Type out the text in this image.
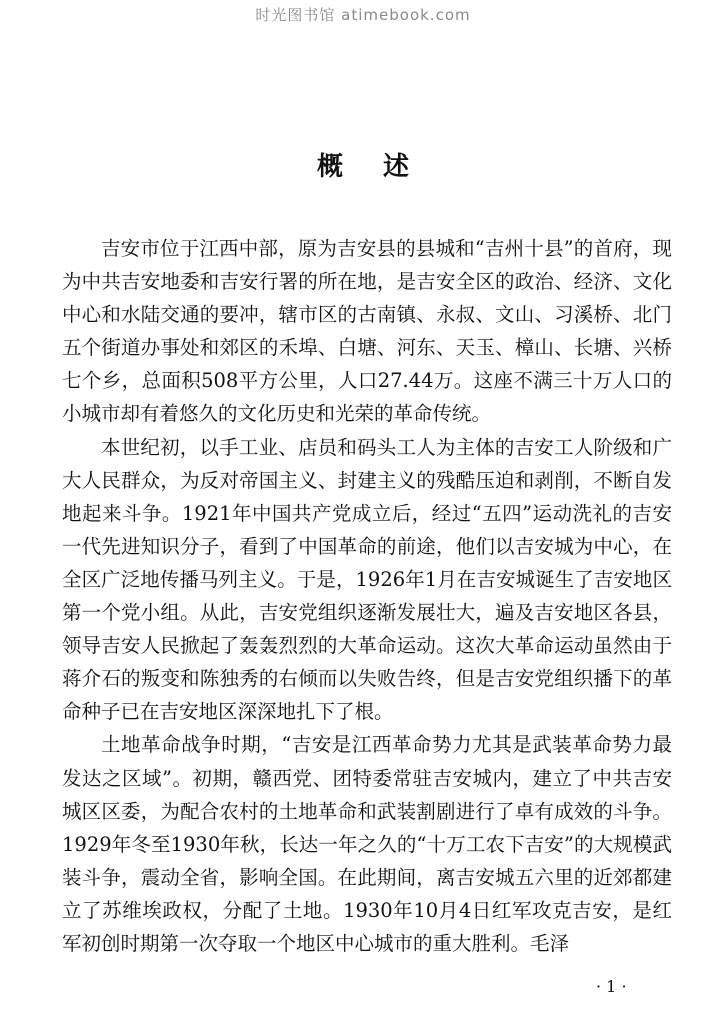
时光图书馆 atimebook.com
概述

吉安市位于江西中部，原为吉安县的县城和“吉州十县”的首府，现为中共吉安地委和吉安行署的所在地，是吉安全区的政治、经济、文化中心和水陆交通的要冲，辖市区的古南镇、永叔、文山、习溪桥、北门五个街道办事处和郊区的禾埠、白塘、河东、天玉、樟山、长塘、兴桥七个乡，总面积508平方公里，人口27.44万。这座不满三十万人口的小城市却有着悠久的文化历史和光荣的革命传统。

本世纪初，以手工业、店员和码头工人为主体的吉安工人阶级和广大人民群众，为反对帝国主义、封建主义的残酷压迫和剥削，不断自发地起来斗争。1921年中国共产党成立后，经过“五四”运动洗礼的吉安一代先进知识分子，看到了中国革命的前途，他们以吉安城为中心，在全区广泛地传播马列主义。于是，1926年1月在吉安城诞生了吉安地区第一个党小组。从此，吉安党组织逐渐发展壮大，遍及吉安地区各县，领导吉安人民掀起了轰轰烈烈的大革命运动。这次大革命运动虽然由于蒋介石的叛变和陈独秀的右倾而以失败告终，但是吉安党组织播下的革命种子已在吉安地区深深地扎下了根。

土地革命战争时期，“吉安是江西革命势力尤其是武装革命势力最发达之区域”。初期，赣西党、团特委常驻吉安城内，建立了中共吉安城区区委，为配合农村的土地革命和武装割剧进行了卓有成效的斗争。1929年冬至1930年秋，长达一年之久的“十万工农下吉安”的大规模武装斗争，震动全省，影响全国。在此期间，离吉安城五六里的近郊都建立了苏维埃政权，分配了土地。1930年10月4日红军攻克吉安，是红军初创时期第一次夺取一个地区中心城市的重大胜利。毛泽

· 1 ·
